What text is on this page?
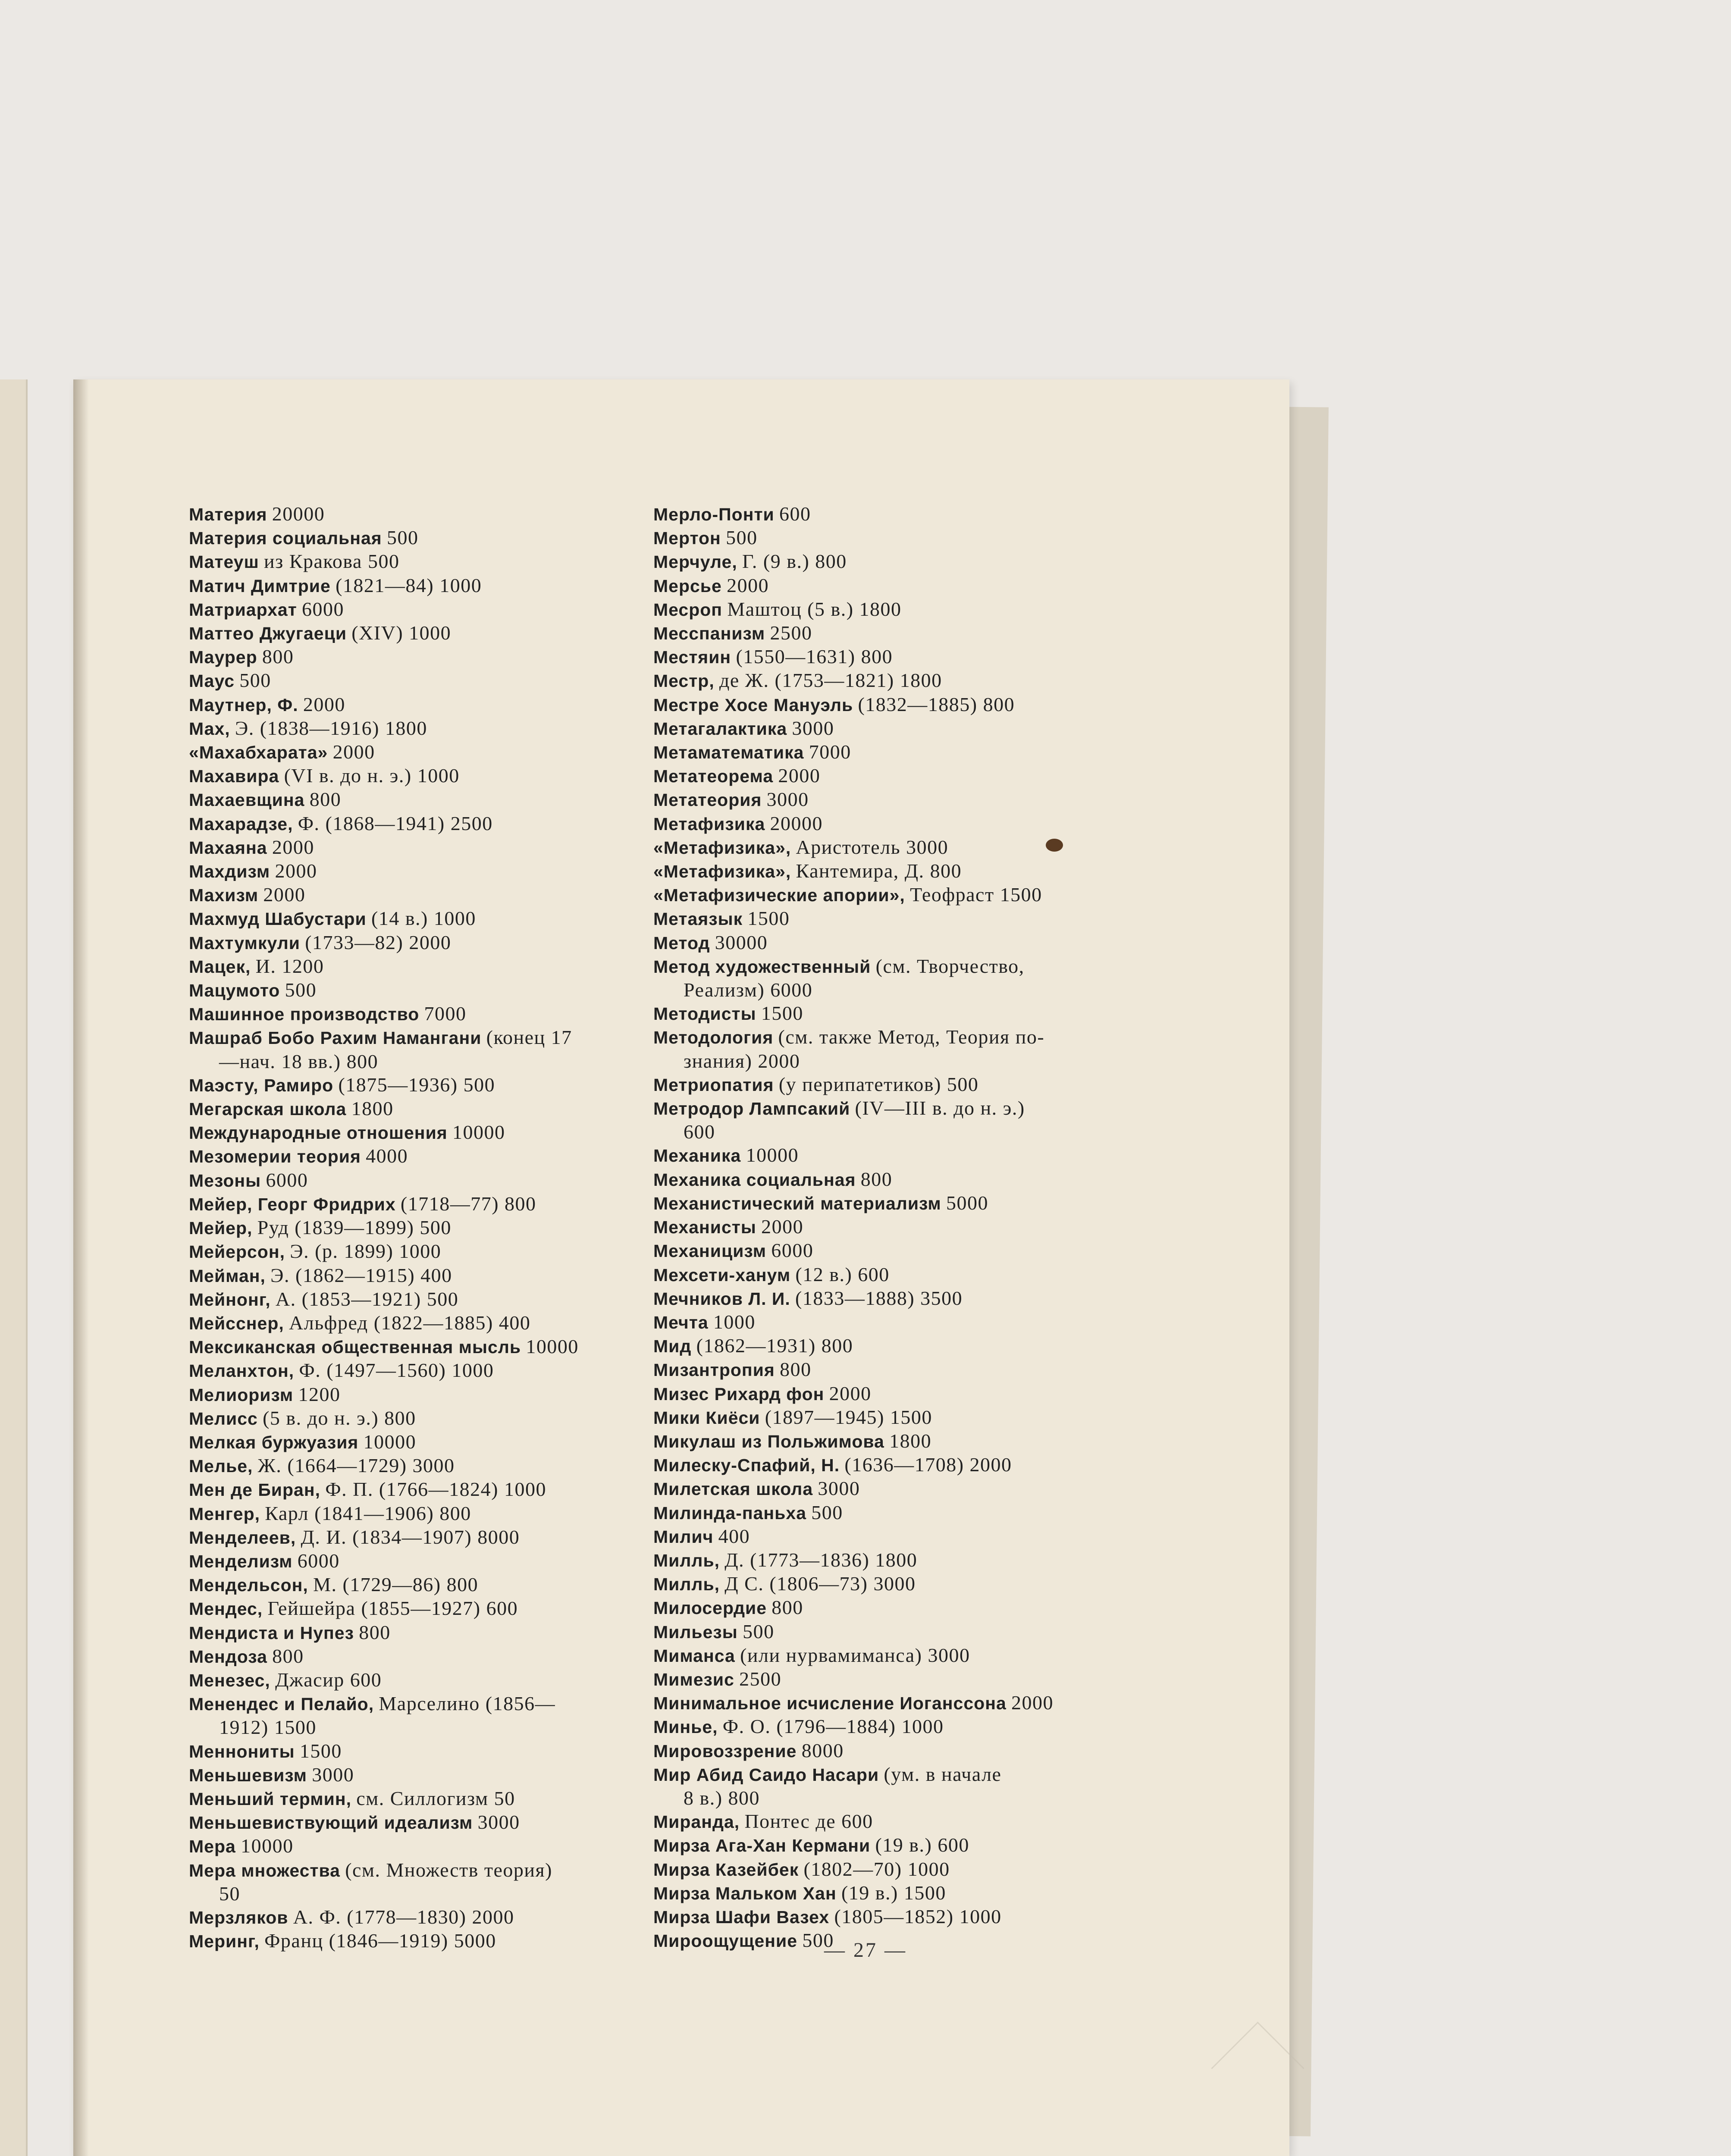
Материя 20000
Материя социальная 500
Матеуш из Кракова 500
Матич Димтрие (1821—84) 1000
Матриархат 6000
Маттео Джугаеци (XIV) 1000
Маурер 800
Маус 500
Маутнер, Ф. 2000
Мах, Э. (1838—1916) 1800
«Махабхарата» 2000
Махавира (VI в. до н. э.) 1000
Махаевщина 800
Махарадзе, Ф. (1868—1941) 2500
Махаяна 2000
Махдизм 2000
Махизм 2000
Махмуд Шабустари (14 в.) 1000
Махтумкули (1733—82) 2000
Мацек, И. 1200
Мацумото 500
Машинное производство 7000
Машраб Бобо Рахим Намангани (конец 17
—нач. 18 вв.) 800
Маэсту, Рамиро (1875—1936) 500
Мегарская школа 1800
Международные отношения 10000
Мезомерии теория 4000
Мезоны 6000
Мейер, Георг Фридрих (1718—77) 800
Мейер, Руд (1839—1899) 500
Мейерсон, Э. (р. 1899) 1000
Мейман, Э. (1862—1915) 400
Мейнонг, А. (1853—1921) 500
Мейсснер, Альфред (1822—1885) 400
Мексиканская общественная мысль 10000
Меланхтон, Ф. (1497—1560) 1000
Мелиоризм 1200
Мелисс (5 в. до н. э.) 800
Мелкая буржуазия 10000
Мелье, Ж. (1664—1729) 3000
Мен де Биран, Ф. П. (1766—1824) 1000
Менгер, Карл (1841—1906) 800
Менделеев, Д. И. (1834—1907) 8000
Менделизм 6000
Мендельсон, М. (1729—86) 800
Мендес, Гейшейра (1855—1927) 600
Мендиста и Нупез 800
Мендоза 800
Менезес, Джасир 600
Менендес и Пелайо, Марселино (1856—
1912) 1500
Меннониты 1500
Меньшевизм 3000
Меньший термин, см. Силлогизм 50
Меньшевиствующий идеализм 3000
Мера 10000
Мера множества (см. Множеств теория)
50
Мерзляков А. Ф. (1778—1830) 2000
Меринг, Франц (1846—1919) 5000
Мерло-Понти 600
Мертон 500
Мерчуле, Г. (9 в.) 800
Мерсье 2000
Месроп Маштоц (5 в.) 1800
Месспанизм 2500
Местяин (1550—1631) 800
Местр, де Ж. (1753—1821) 1800
Местре Хосе Мануэль (1832—1885) 800
Метагалактика 3000
Метаматематика 7000
Метатеорема 2000
Метатеория 3000
Метафизика 20000
«Метафизика», Аристотель 3000
«Метафизика», Кантемира, Д. 800
«Метафизические апории», Теофраст 1500
Метаязык 1500
Метод 30000
Метод художественный (см. Творчество,
Реализм) 6000
Методисты 1500
Методология (см. также Метод, Теория по-
знания) 2000
Метриопатия (у перипатетиков) 500
Метродор Лампсакий (IV—III в. до н. э.)
600
Механика 10000
Механика социальная 800
Механистический материализм 5000
Механисты 2000
Механицизм 6000
Мехсети-ханум (12 в.) 600
Мечников Л. И. (1833—1888) 3500
Мечта 1000
Мид (1862—1931) 800
Мизантропия 800
Мизес Рихард фон 2000
Мики Киёси (1897—1945) 1500
Микулаш из Польжимова 1800
Милеску-Спафий, Н. (1636—1708) 2000
Милетская школа 3000
Милинда-паньха 500
Милич 400
Милль, Д. (1773—1836) 1800
Милль, Д С. (1806—73) 3000
Милосердие 800
Мильезы 500
Миманса (или нурвамиманса) 3000
Мимезис 2500
Минимальное исчисление Иогансcона 2000
Минье, Ф. О. (1796—1884) 1000
Мировоззрение 8000
Мир Абид Саидо Насари (ум. в начале
8 в.) 800
Миранда, Понтес де 600
Мирза Ага-Хан Кермани (19 в.) 600
Мирза Казейбек (1802—70) 1000
Мирза Мальком Хан (19 в.) 1500
Мирза Шафи Вазех (1805—1852) 1000
Мироощущение 500
— 27 —
